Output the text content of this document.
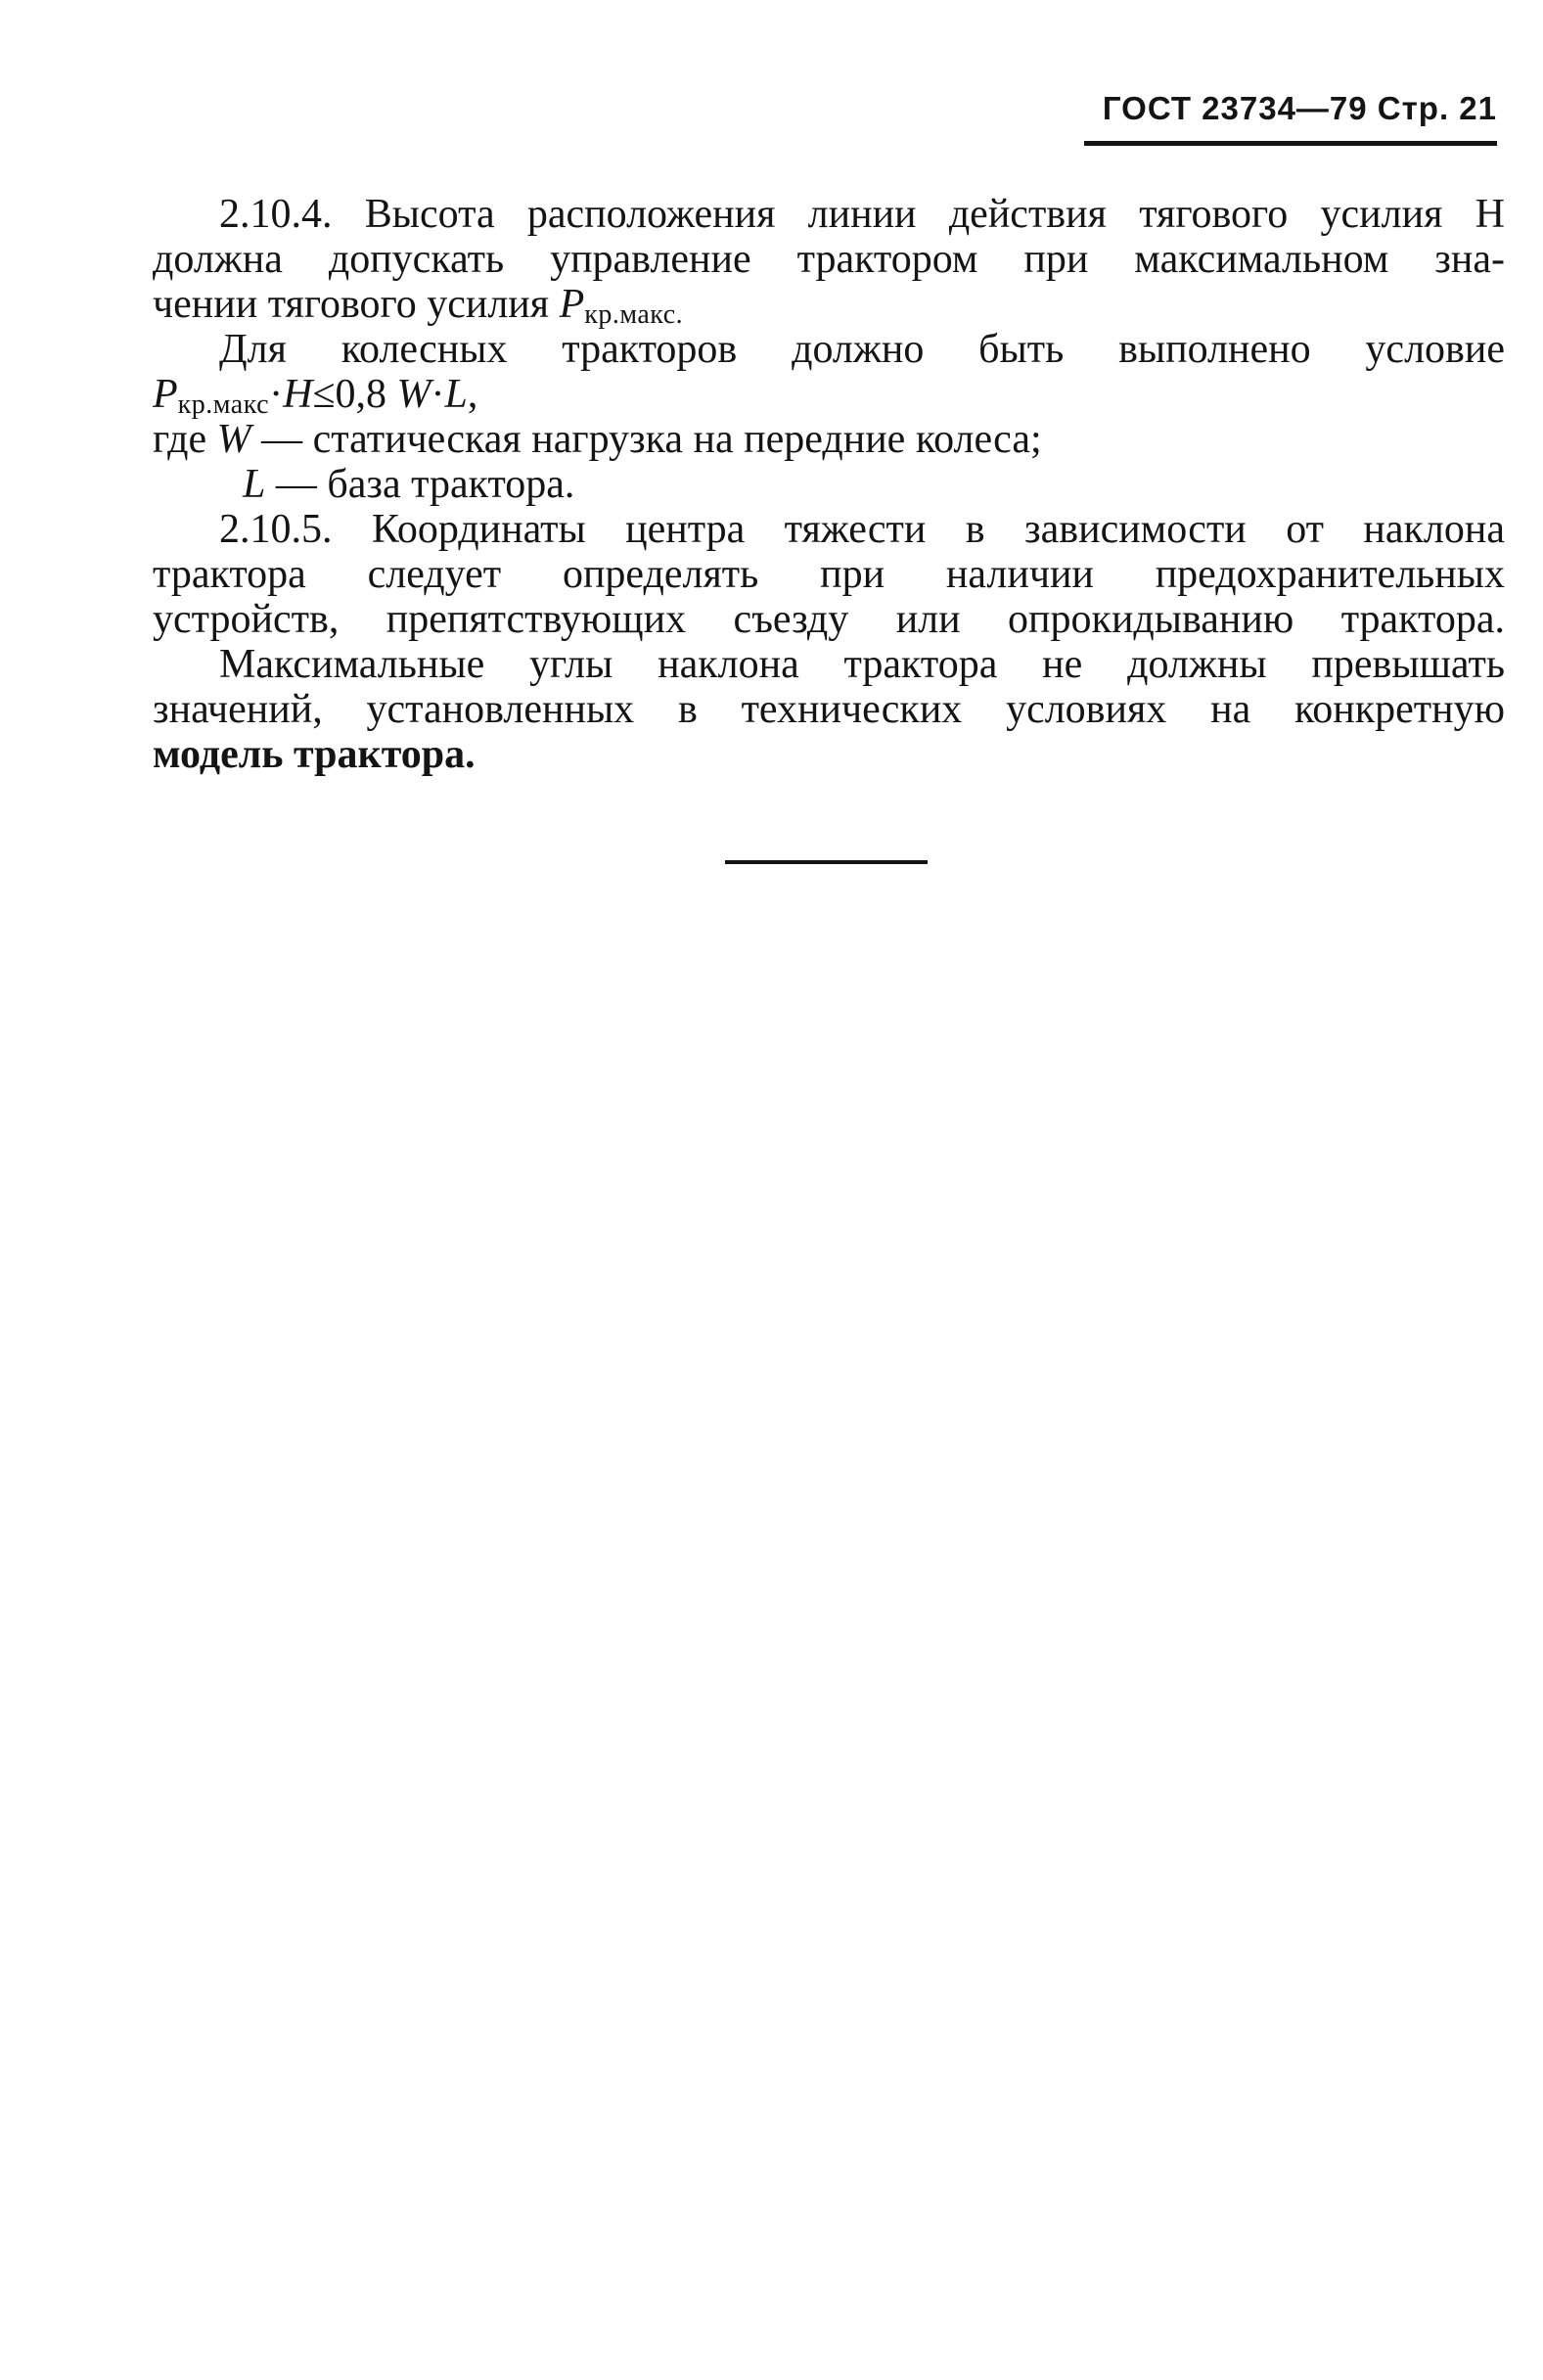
ГОСТ 23734—79 Стр. 21
2.10.4. Высота расположения линии действия тягового усилия Н
должна допускать управление трактором при максимальном зна-
чении тягового усилия $P_{кр.макс.}$
Для колесных тракторов должно быть выполнено условие
$P_{кр.макс}\cdot H\le 0,8$ W·L,
где W — статическая нагрузка на передние колеса;
L — база трактора.
2.10.5. Координаты центра тяжести в зависимости от наклона
трактора следует определять при наличии предохранительных
устройств, препятствующих съезду или опрокидыванию трактора.
Максимальные углы наклона трактора не должны превышать
значений, установленных в технических условиях на конкретную
модель трактора.
